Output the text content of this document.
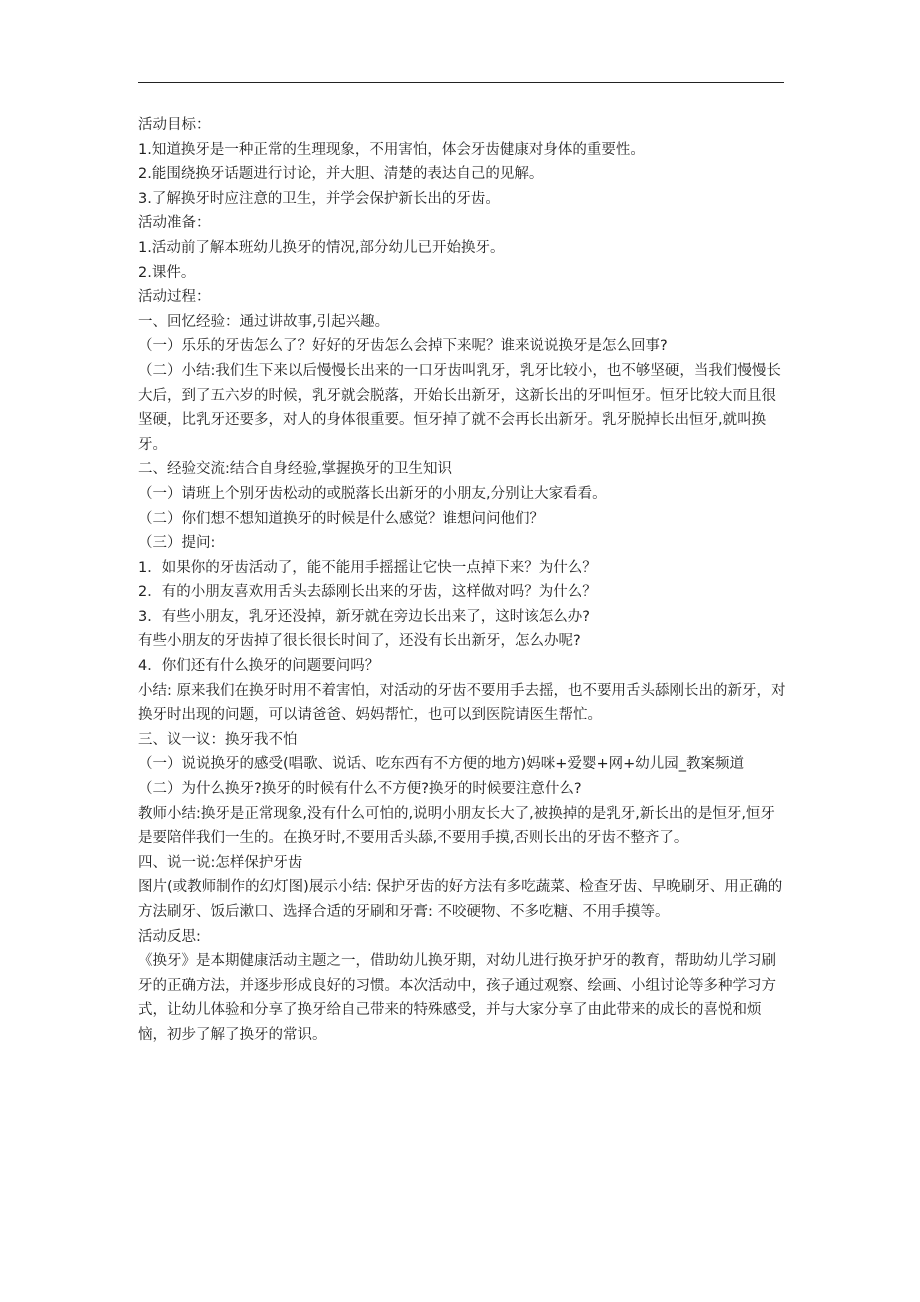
活动目标：

1.知道换牙是一种正常的生理现象，不用害怕，体会牙齿健康对身体的重要性。

2.能围绕换牙话题进行讨论，并大胆、清楚的表达自己的见解。

3.了解换牙时应注意的卫生，并学会保护新长出的牙齿。

活动准备：

1.活动前了解本班幼儿换牙的情况,部分幼儿已开始换牙。

2.课件。

活动过程：

一、回忆经验：通过讲故事,引起兴趣。

（一）乐乐的牙齿怎么了？好好的牙齿怎么会掉下来呢？谁来说说换牙是怎么回事?

（二）小结:我们生下来以后慢慢长出来的一口牙齿叫乳牙，乳牙比较小，也不够坚硬，当我们慢慢长大后，到了五六岁的时候，乳牙就会脱落，开始长出新牙，这新长出的牙叫恒牙。恒牙比较大而且很坚硬，比乳牙还要多，对人的身体很重要。恒牙掉了就不会再长出新牙。乳牙脱掉长出恒牙,就叫换牙。

二、经验交流:结合自身经验,掌握换牙的卫生知识

（一）请班上个别牙齿松动的或脱落长出新牙的小朋友,分别让大家看看。

（二）你们想不想知道换牙的时候是什么感觉？谁想问问他们？

（三）提问:

1．如果你的牙齿活动了，能不能用手摇摇让它快一点掉下来？为什么？

2．有的小朋友喜欢用舌头去舔刚长出来的牙齿，这样做对吗？为什么？

3．有些小朋友，乳牙还没掉，新牙就在旁边长出来了，这时该怎么办?

有些小朋友的牙齿掉了很长很长时间了，还没有长出新牙，怎么办呢?

4．你们还有什么换牙的问题要问吗？

小结: 原来我们在换牙时用不着害怕，对活动的牙齿不要用手去摇，也不要用舌头舔刚长出的新牙，对换牙时出现的问题，可以请爸爸、妈妈帮忙，也可以到医院请医生帮忙。

三、议一议：换牙我不怕

（一）说说换牙的感受(唱歌、说话、吃东西有不方便的地方)妈咪+爱婴+网+幼儿园_教案频道

（二）为什么换牙?换牙的时候有什么不方便?换牙的时候要注意什么?

教师小结:换牙是正常现象,没有什么可怕的,说明小朋友长大了,被换掉的是乳牙,新长出的是恒牙,恒牙是要陪伴我们一生的。在换牙时,不要用舌头舔,不要用手摸,否则长出的牙齿不整齐了。

四、说一说:怎样保护牙齿

图片(或教师制作的幻灯图)展示小结: 保护牙齿的好方法有多吃蔬菜、检查牙齿、早晚刷牙、用正确的方法刷牙、饭后漱口、选择合适的牙刷和牙膏: 不咬硬物、不多吃糖、不用手摸等。

活动反思:

《换牙》是本期健康活动主题之一，借助幼儿换牙期，对幼儿进行换牙护牙的教育，帮助幼儿学习刷牙的正确方法，并逐步形成良好的习惯。本次活动中，孩子通过观察、绘画、小组讨论等多种学习方式，让幼儿体验和分享了换牙给自己带来的特殊感受，并与大家分享了由此带来的成长的喜悦和烦恼，初步了解了换牙的常识。
